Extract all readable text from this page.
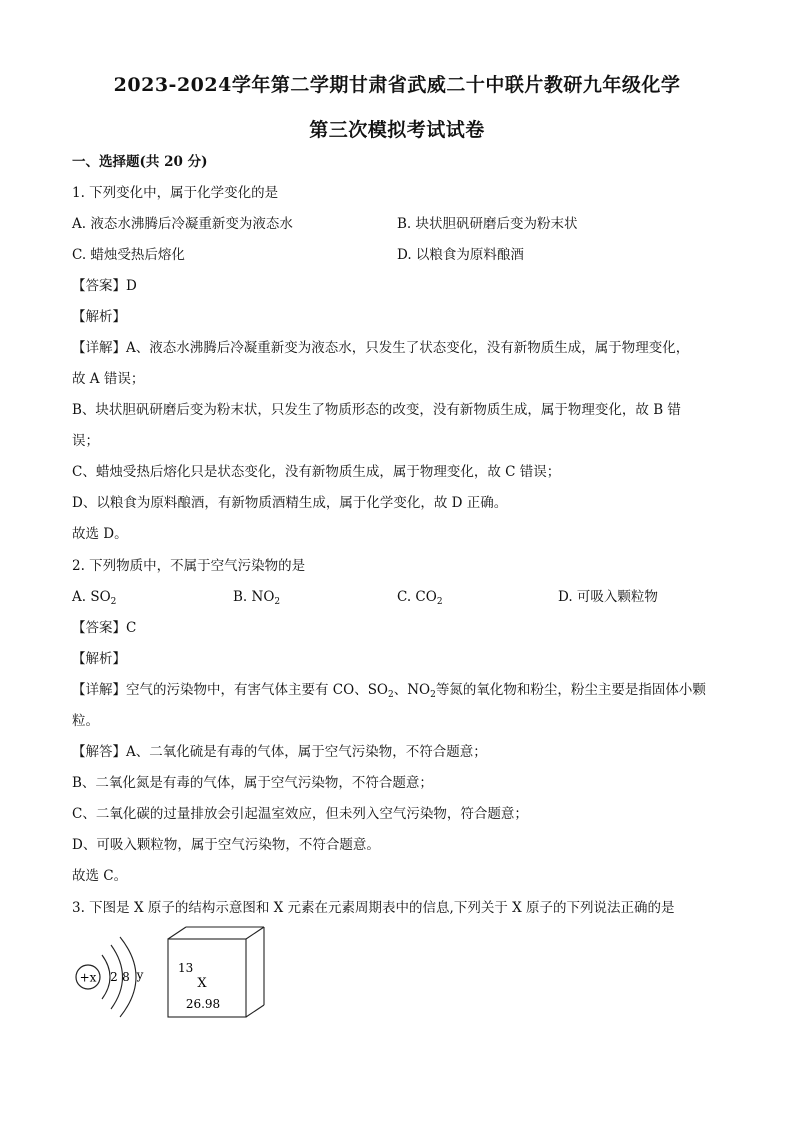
2023-2024学年第二学期甘肃省武威二十中联片教研九年级化学
第三次模拟考试试卷
一、选择题(共 20 分)
1. 下列变化中，属于化学变化的是
A. 液态水沸腾后冷凝重新变为液态水	B. 块状胆矾研磨后变为粉末状
C. 蜡烛受热后熔化	D. 以粮食为原料酿酒
【答案】D
【解析】
【详解】A、液态水沸腾后冷凝重新变为液态水，只发生了状态变化，没有新物质生成，属于物理变化，
故 A 错误；
B、块状胆矾研磨后变为粉末状，只发生了物质形态的改变，没有新物质生成，属于物理变化，故 B 错
误；
C、蜡烛受热后熔化只是状态变化，没有新物质生成，属于物理变化，故 C 错误；
D、以粮食为原料酿酒，有新物质酒精生成，属于化学变化，故 D 正确。
故选 D。
2. 下列物质中，不属于空气污染物的是
A. $SO_2$	B. $NO_2$	C. $CO_2$	D. 可吸入颗粒物
【答案】C
【解析】
【详解】空气的污染物中，有害气体主要有 CO、$SO_2$、$NO_2$等氮的氧化物和粉尘，粉尘主要是指固体小颗
粒。
【解答】A、二氧化硫是有毒的气体，属于空气污染物，不符合题意；
B、二氧化氮是有毒的气体，属于空气污染物，不符合题意；
C、二氧化碳的过量排放会引起温室效应，但未列入空气污染物，符合题意；
D、可吸入颗粒物，属于空气污染物，不符合题意。
故选 C。
3. 下图是 X 原子的结构示意图和 X 元素在元素周期表中的信息,下列关于 X 原子的下列说法正确的是
+x 2 8 y	13
X
26.98
